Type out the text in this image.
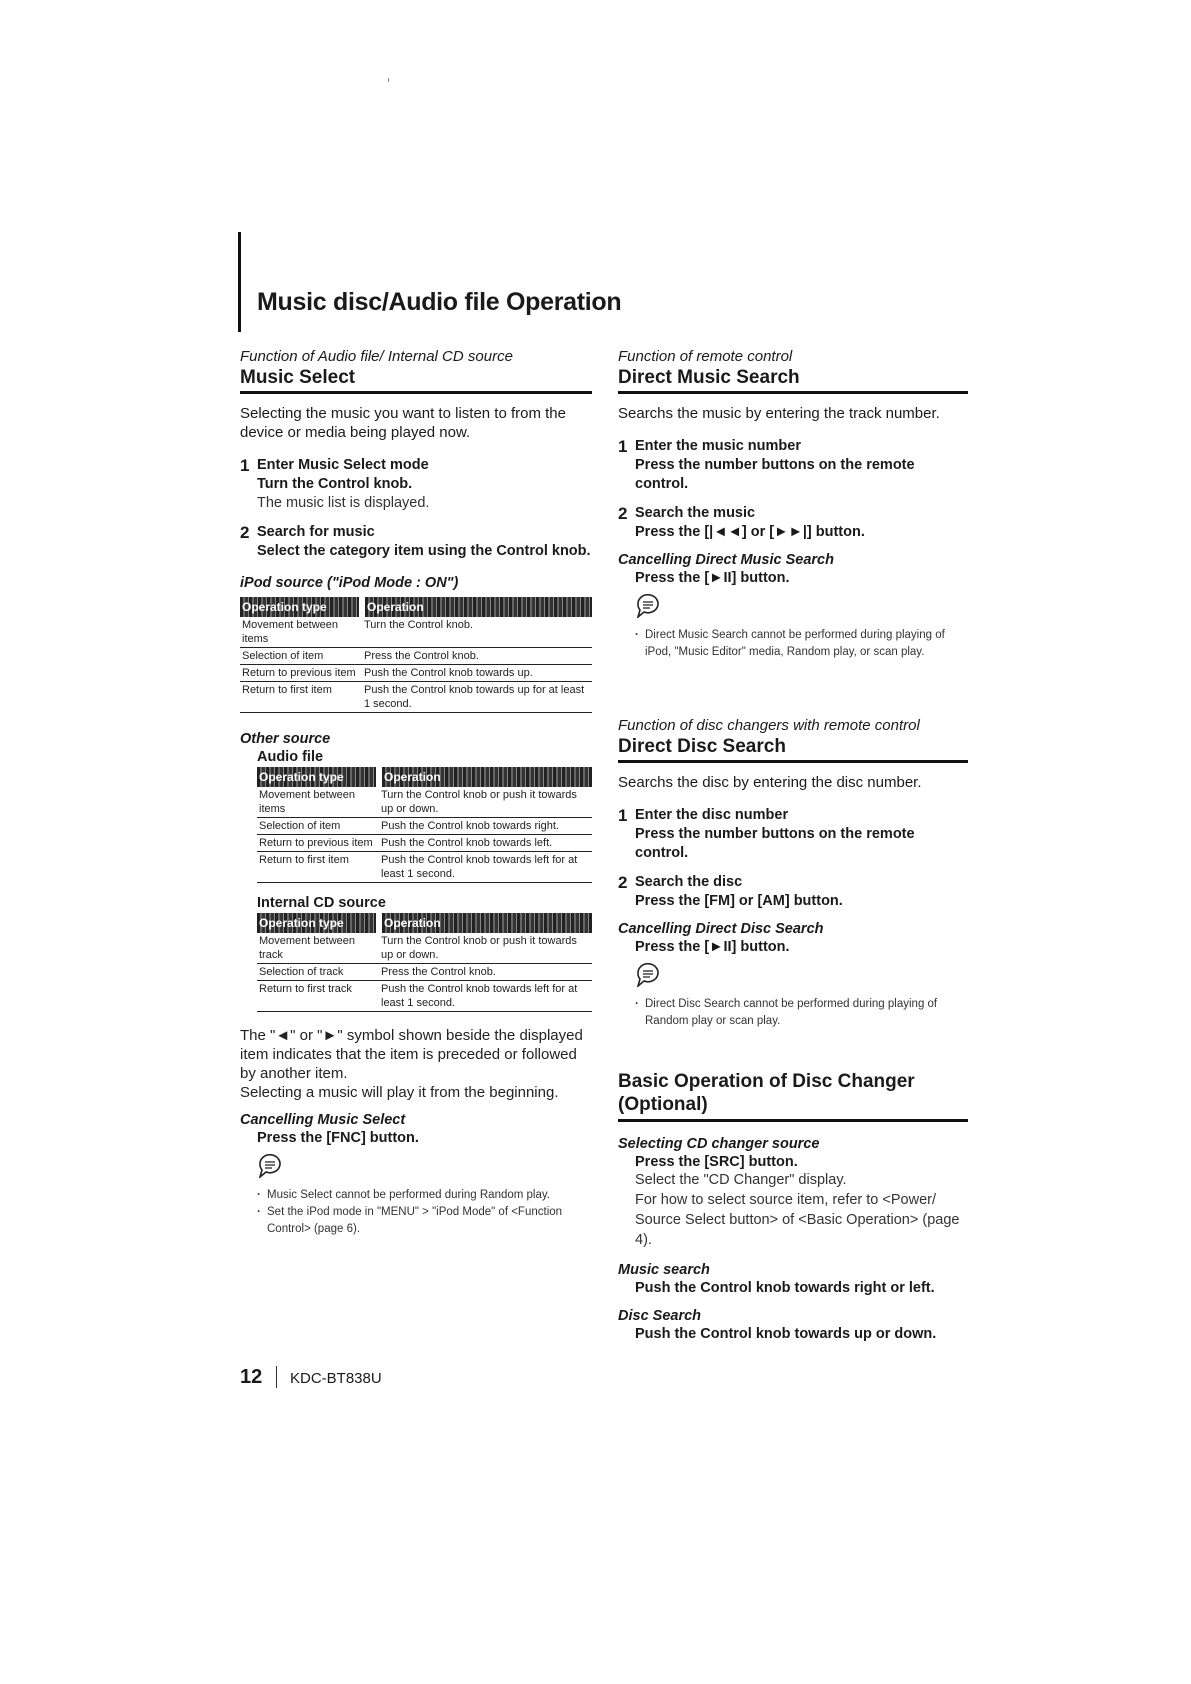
Music disc/Audio file Operation

Function of Audio file/ Internal CD source

Music Select

Selecting the music you want to listen to from the device or media being played now.

1 Enter Music Select mode
Turn the Control knob.
The music list is displayed.
2 Search for music
Select the category item using the Control knob.
iPod source ("iPod Mode : ON")
Operation type	Operation
Movement between items	Turn the Control knob.
Selection of item	Press the Control knob.
Return to previous item	Push the Control knob towards up.
Return to first item	Push the Control knob towards up for at least 1 second.
Other source
Audio file
Operation type	Operation
Movement between items	Turn the Control knob or push it towards up or down.
Selection of item	Push the Control knob towards right.
Return to previous item	Push the Control knob towards left.
Return to first item	Push the Control knob towards left for at least 1 second.
Internal CD source
Operation type	Operation
Movement between track	Turn the Control knob or push it towards up or down.
Selection of track	Press the Control knob.
Return to first track	Push the Control knob towards left for at least 1 second.
The "◄" or "►" symbol shown beside the displayed item indicates that the item is preceded or followed by another item.
Selecting a music will play it from the beginning.
Cancelling Music Select
Press the [FNC] button.
· Music Select cannot be performed during Random play.
· Set the iPod mode in "MENU" > "iPod Mode" of <Function Control> (page 6).

Function of remote control

Direct Music Search

Searchs the music by entering the track number.

1 Enter the music number
Press the number buttons on the remote control.
2 Search the music
Press the [|◄◄] or [►►|] button.
Cancelling Direct Music Search
Press the [►II] button.
· Direct Music Search cannot be performed during playing of iPod, "Music Editor" media, Random play, or scan play.

Function of disc changers with remote control

Direct Disc Search

Searchs the disc by entering the disc number.

1 Enter the disc number
Press the number buttons on the remote control.
2 Search the disc
Press the [FM] or [AM] button.
Cancelling Direct Disc Search
Press the [►II] button.
· Direct Disc Search cannot be performed during playing of Random play or scan play.
Basic Operation of Disc Changer (Optional)
Selecting CD changer source
Press the [SRC] button.
Select the "CD Changer" display.
For how to select source item, refer to <Power/ Source Select button> of <Basic Operation> (page 4).
Music search
Push the Control knob towards right or left.
Disc Search
Push the Control knob towards up or down.
12 KDC-BT838U
